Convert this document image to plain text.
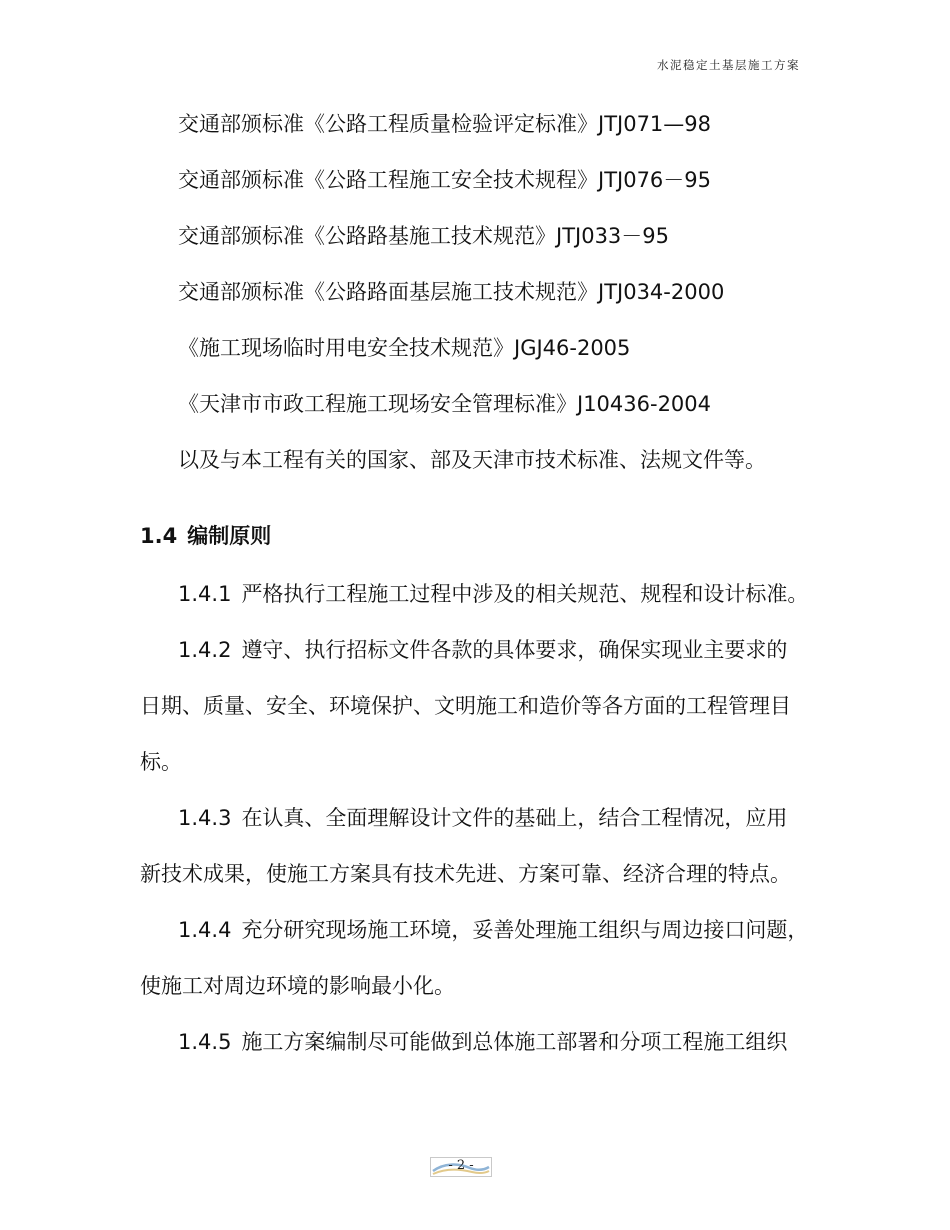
水泥稳定土基层施工方案
交通部颁标准《公路工程质量检验评定标准》JTJ071—98
交通部颁标准《公路工程施工安全技术规程》JTJ076－95
交通部颁标准《公路路基施工技术规范》JTJ033－95
交通部颁标准《公路路面基层施工技术规范》JTJ034-2000
《施工现场临时用电安全技术规范》JGJ46-2005
《天津市市政工程施工现场安全管理标准》J10436-2004
以及与本工程有关的国家、部及天津市技术标准、法规文件等。
1.4 编制原则
1.4.1 严格执行工程施工过程中涉及的相关规范、规程和设计标准。
1.4.2 遵守、执行招标文件各款的具体要求，确保实现业主要求的
日期、质量、安全、环境保护、文明施工和造价等各方面的工程管理目
标。
1.4.3 在认真、全面理解设计文件的基础上，结合工程情况，应用
新技术成果，使施工方案具有技术先进、方案可靠、经济合理的特点。
1.4.4 充分研究现场施工环境，妥善处理施工组织与周边接口问题，
使施工对周边环境的影响最小化。
1.4.5 施工方案编制尽可能做到总体施工部署和分项工程施工组织
- 2 -
